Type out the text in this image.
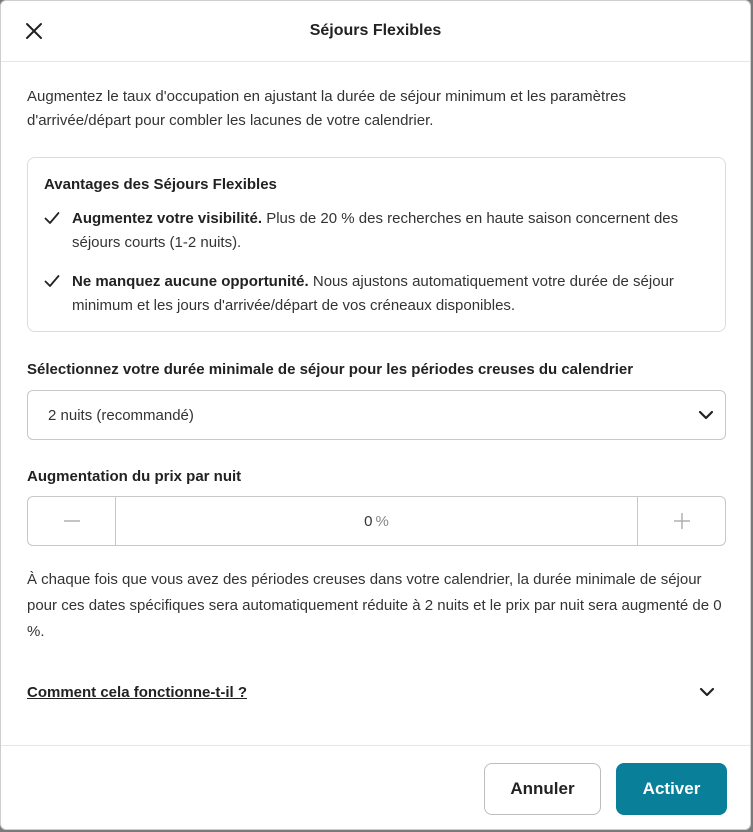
Séjours Flexibles
Augmentez le taux d'occupation en ajustant la durée de séjour minimum et les paramètres d'arrivée/départ pour combler les lacunes de votre calendrier.
Avantages des Séjours Flexibles
Augmentez votre visibilité. Plus de 20 % des recherches en haute saison concernent des séjours courts (1-2 nuits).
Ne manquez aucune opportunité. Nous ajustons automatiquement votre durée de séjour minimum et les jours d'arrivée/départ de vos créneaux disponibles.
Sélectionnez votre durée minimale de séjour pour les périodes creuses du calendrier
2 nuits (recommandé)
Augmentation du prix par nuit
0 %
À chaque fois que vous avez des périodes creuses dans votre calendrier, la durée minimale de séjour pour ces dates spécifiques sera automatiquement réduite à 2 nuits et le prix par nuit sera augmenté de 0 %.
Comment cela fonctionne-t-il ?
Annuler	Activer
